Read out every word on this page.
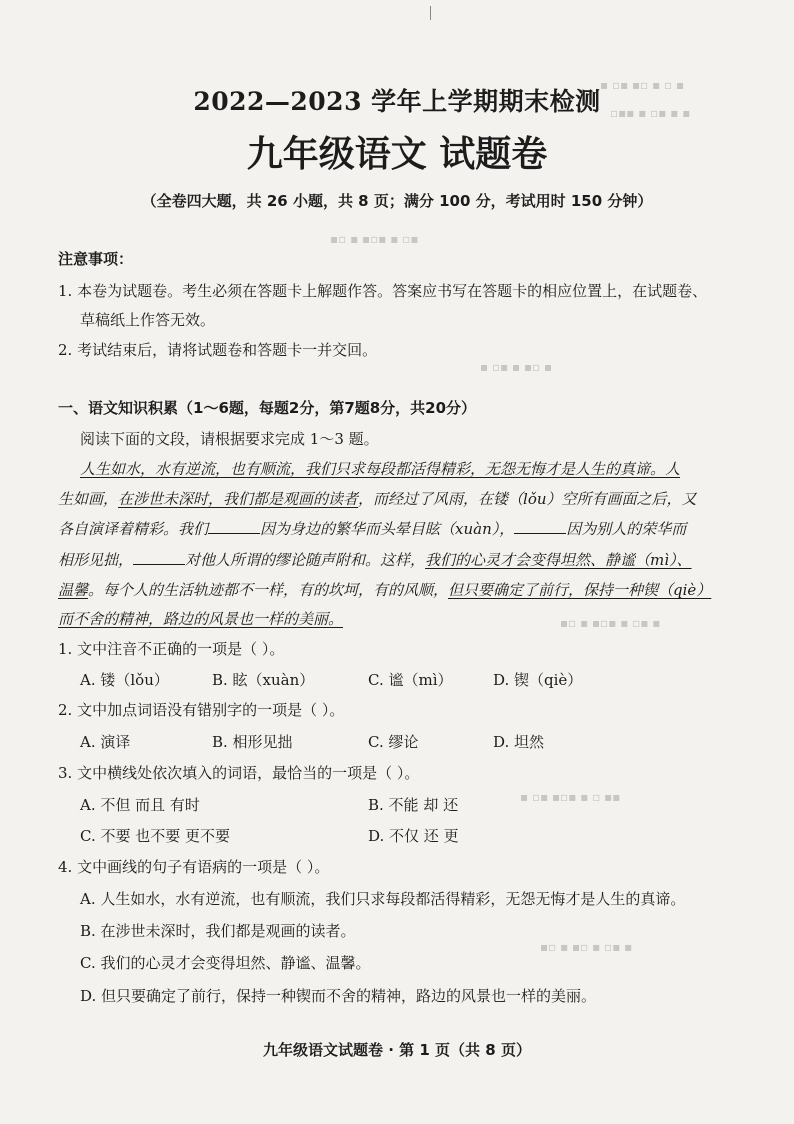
▪ ▫▪ ▪▫ ▪ ▫ ▪
▫▪▪ ▪ ▫▪ ▪ ▪
▪▫ ▪ ▪▫▪ ▪ ▫▪
▪ ▫▪ ▪ ▪▫ ▪
▪▫ ▪ ▪▫▪ ▪ ▫▪ ▪
▪ ▫▪ ▪▫▪ ▪ ▫ ▪▪
▪▫ ▪ ▪▫ ▪ ▫▪ ▪
2022—2023 学年上学期期末检测
九年级语文 试题卷
（全卷四大题，共 26 小题，共 8 页；满分 100 分，考试用时 150 分钟）
注意事项：
1. 本卷为试题卷。考生必须在答题卡上解题作答。答案应书写在答题卡的相应位置上，在试题卷、
草稿纸上作答无效。
2. 考试结束后，请将试题卷和答题卡一并交回。
一、语文知识积累（1～6题，每题2分，第7题8分，共20分）
阅读下面的文段，请根据要求完成 1～3 题。
人生如水，水有逆流，也有顺流，我们只求每段都活得精彩，无怨无悔才是人生的真谛。人
生如画，在涉世未深时，我们都是观画的读者，而经过了风雨，在镂（lǒu）空所有画面之后，又
各自演译着精彩。我们	因为身边的繁华而头晕目眩（xuàn），	因为别人的荣华而
相形见拙，	对他人所谓的缪论随声附和。这样，我们的心灵才会变得坦然、静谧（mì）、
温馨。每个人的生活轨迹都不一样，有的坎坷，有的风顺，但只要确定了前行，保持一种锲（qiè）
而不舍的精神，路边的风景也一样的美丽。
1. 文中注音不正确的一项是（ ）。
A. 镂（lǒu）	B. 眩（xuàn）	C. 谧（mì）	D. 锲（qiè）
2. 文中加点词语没有错别字的一项是（ ）。
A. 演译	B. 相形见拙	C. 缪论	D. 坦然
3. 文中横线处依次填入的词语，最恰当的一项是（ ）。
A. 不但 而且 有时	B. 不能 却 还
C. 不要 也不要 更不要	D. 不仅 还 更
4. 文中画线的句子有语病的一项是（ ）。
A. 人生如水，水有逆流，也有顺流，我们只求每段都活得精彩，无怨无悔才是人生的真谛。
B. 在涉世未深时，我们都是观画的读者。
C. 我们的心灵才会变得坦然、静谧、温馨。
D. 但只要确定了前行，保持一种锲而不舍的精神，路边的风景也一样的美丽。
九年级语文试题卷 · 第 1 页（共 8 页）
